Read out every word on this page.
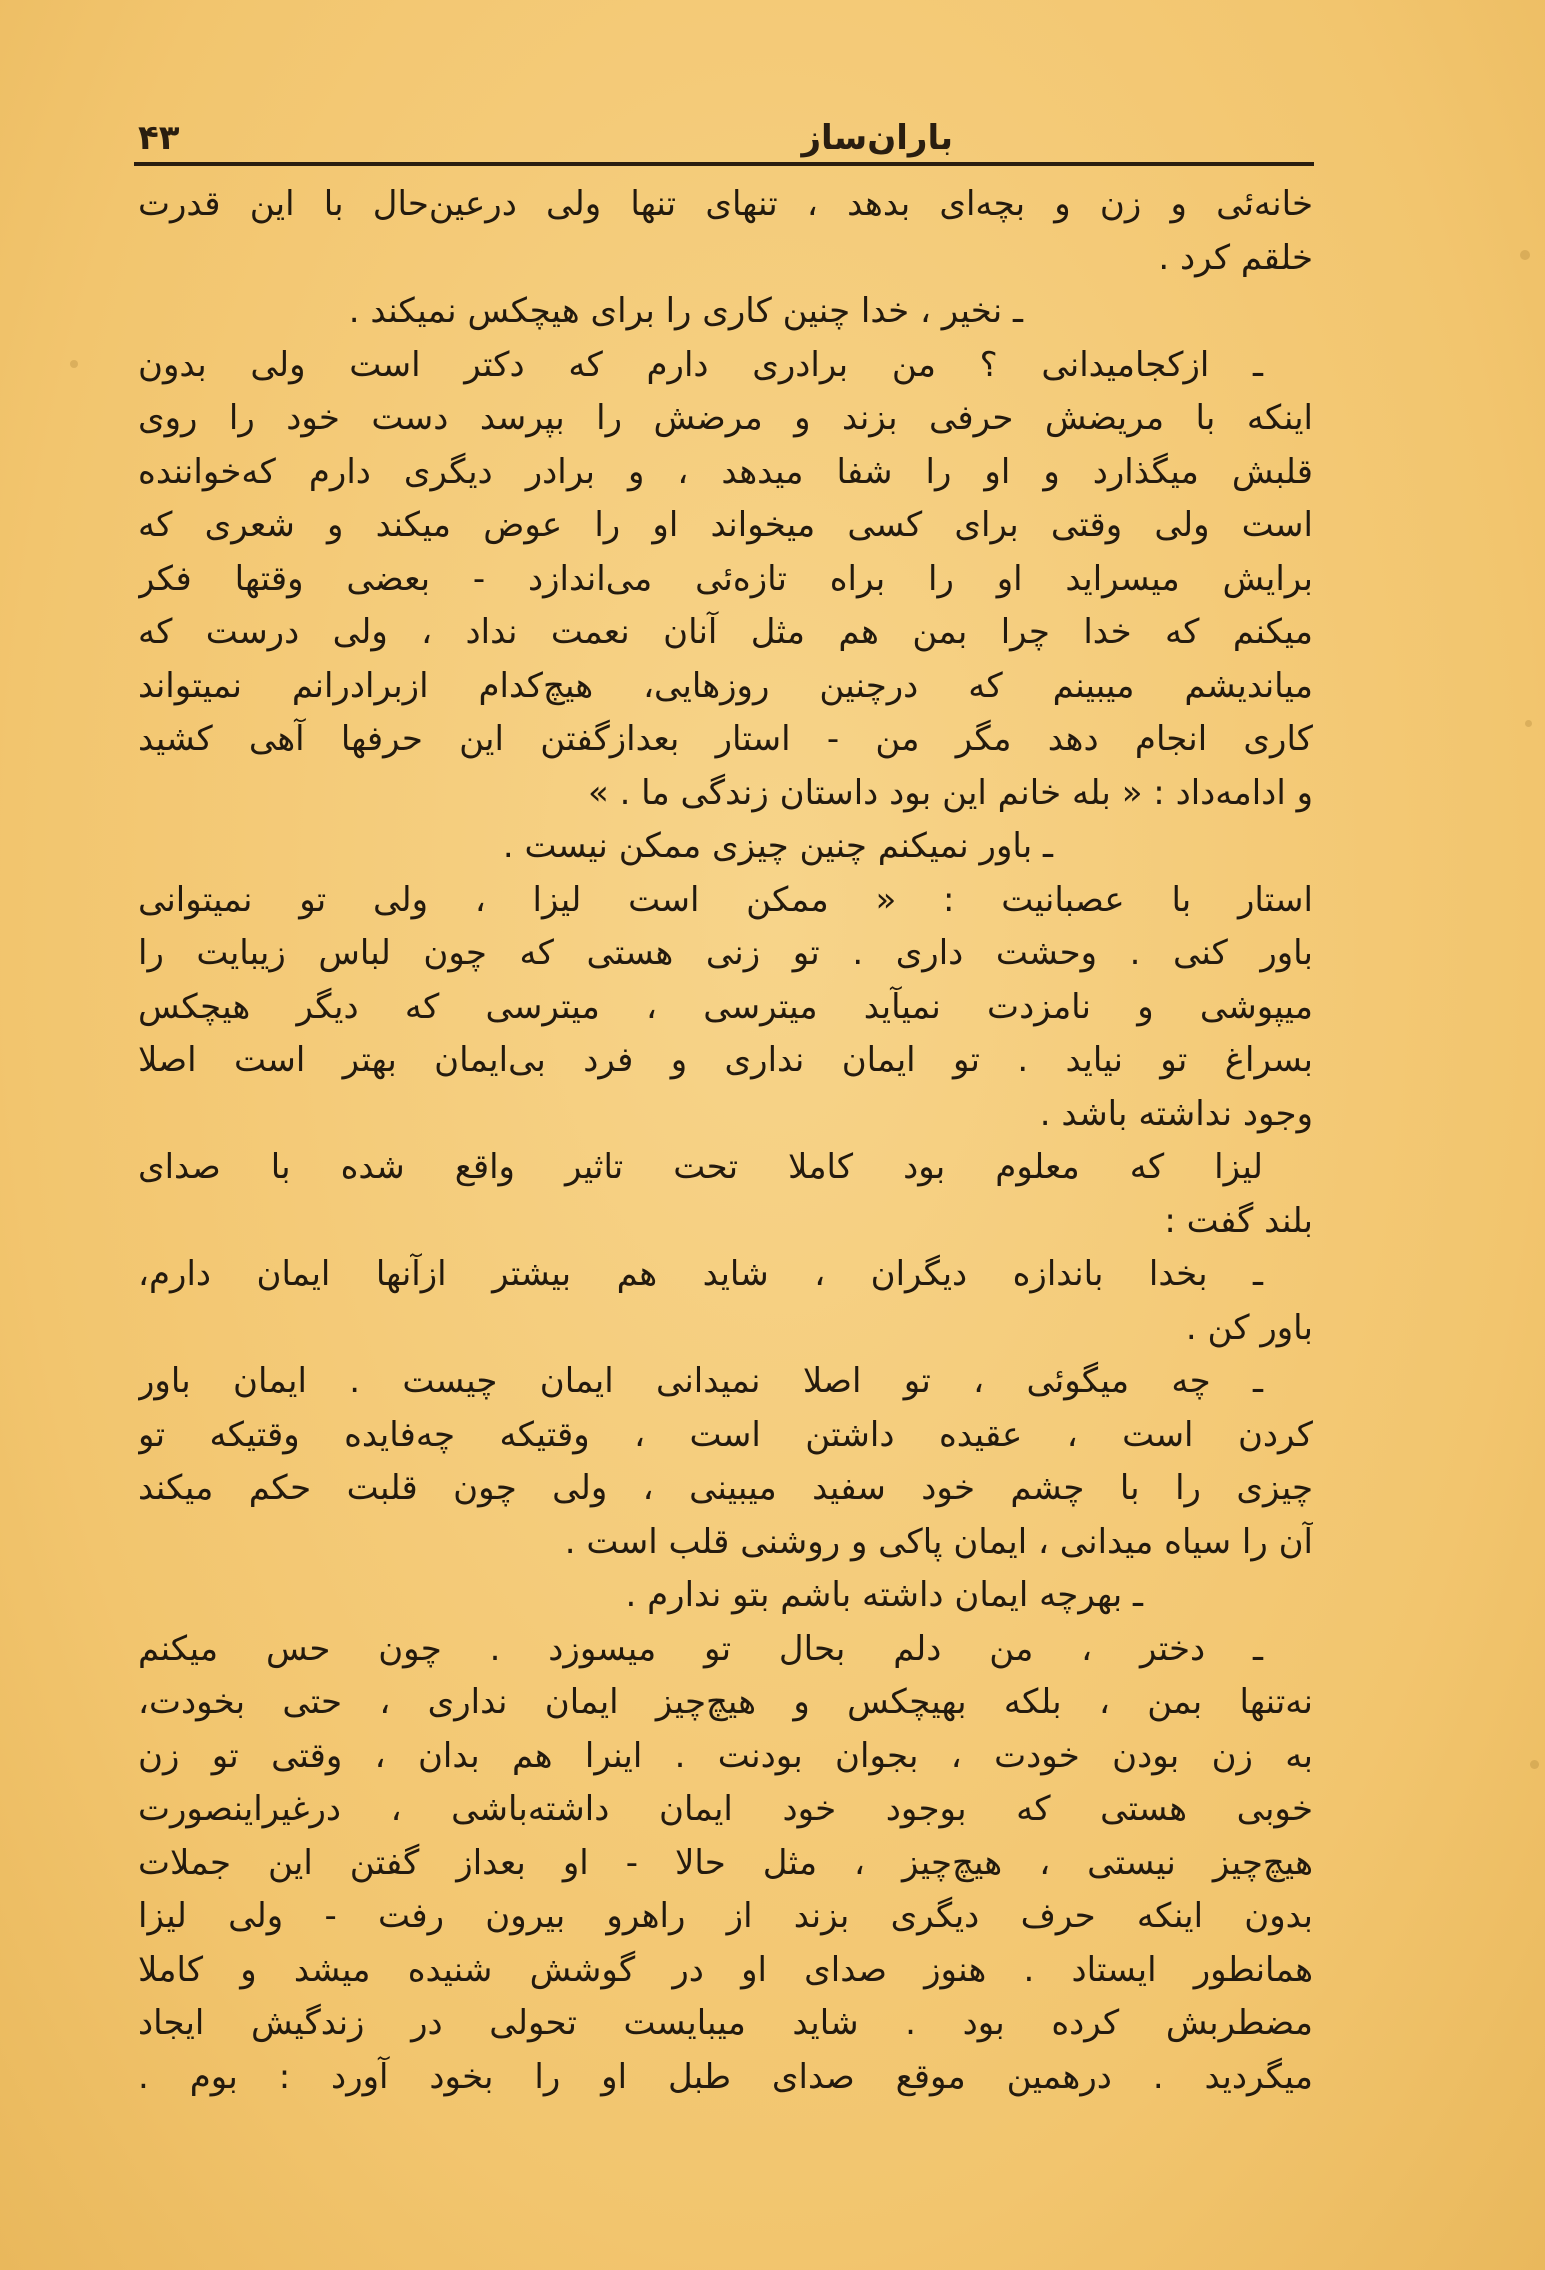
۴۳	باران‌ساز
خانه‌ئی و زن و بچه‌ای بدهد ، تنهای تنها ولی درعین‌حال با این قدرت
خلقم کرد .
ـ نخیر ، خدا چنین کاری را برای هیچکس نمیکند .
ـ ازکجامیدانی ؟ من برادری دارم که دکتر است ولی بدون
اینکه با مریضش حرفی بزند و مرضش را بپرسد دست خود را روی
قلبش میگذارد و او را شفا میدهد ، و برادر دیگری دارم که‌خواننده
است ولی وقتی برای کسی میخواند او را عوض میکند و شعری که
برایش میسراید او را براه تازه‌ئی می‌اندازد - بعضی وقتها فکر
میکنم که خدا چرا بمن هم مثل آنان نعمت نداد ، ولی درست که
میاندیشم میبینم که درچنین روزهایی، هیچ‌کدام ازبرادرانم نمیتواند
کاری انجام دهد مگر من - استار بعدازگفتن این حرفها آهی کشید
و ادامه‌داد : « بله خانم این بود داستان زندگی ما . »
ـ باور نمیکنم چنین چیزی ممکن نیست .
استار با عصبانیت : « ممکن است لیزا ، ولی تو نمیتوانی
باور کنی . وحشت داری . تو زنی هستی که چون لباس زیبایت را
میپوشی و نامزدت نمیآید میترسی ، میترسی که دیگر هیچکس
بسراغ تو نیاید . تو ایمان نداری و فرد بی‌ایمان بهتر است اصلا
وجود نداشته باشد .
لیزا که معلوم بود کاملا تحت تاثیر واقع شده با صدای
بلند گفت :
ـ بخدا باندازه دیگران ، شاید هم بیشتر ازآنها ایمان دارم،
باور کن .
ـ چه میگوئی ، تو اصلا نمیدانی ایمان چیست . ایمان باور
کردن است ، عقیده داشتن است ، وقتیکه چه‌فایده وقتیکه تو
چیزی را با چشم خود سفید میبینی ، ولی چون قلبت حکم میکند
آن را سیاه میدانی ، ایمان پاکی و روشنی قلب است .
ـ بهرچه ایمان داشته باشم بتو ندارم .
ـ دختر ، من دلم بحال تو میسوزد . چون حس میکنم
نه‌تنها بمن ، بلکه بهیچکس و هیچ‌چیز ایمان نداری ، حتی بخودت،
به زن بودن خودت ، بجوان بودنت . اینرا هم بدان ، وقتی تو زن
خوبی هستی که بوجود خود ایمان داشته‌باشی ، درغیراینصورت
هیچ‌چیز نیستی ، هیچ‌چیز ، مثل حالا - او بعداز گفتن این جملات
بدون اینکه حرف دیگری بزند از راهرو بیرون رفت - ولی لیزا
همانطور ایستاد . هنوز صدای او در گوشش شنیده میشد و کاملا
مضطربش کرده بود . شاید میبایست تحولی در زندگیش ایجاد
میگردید . درهمین موقع صدای طبل او را بخود آورد : بوم .
